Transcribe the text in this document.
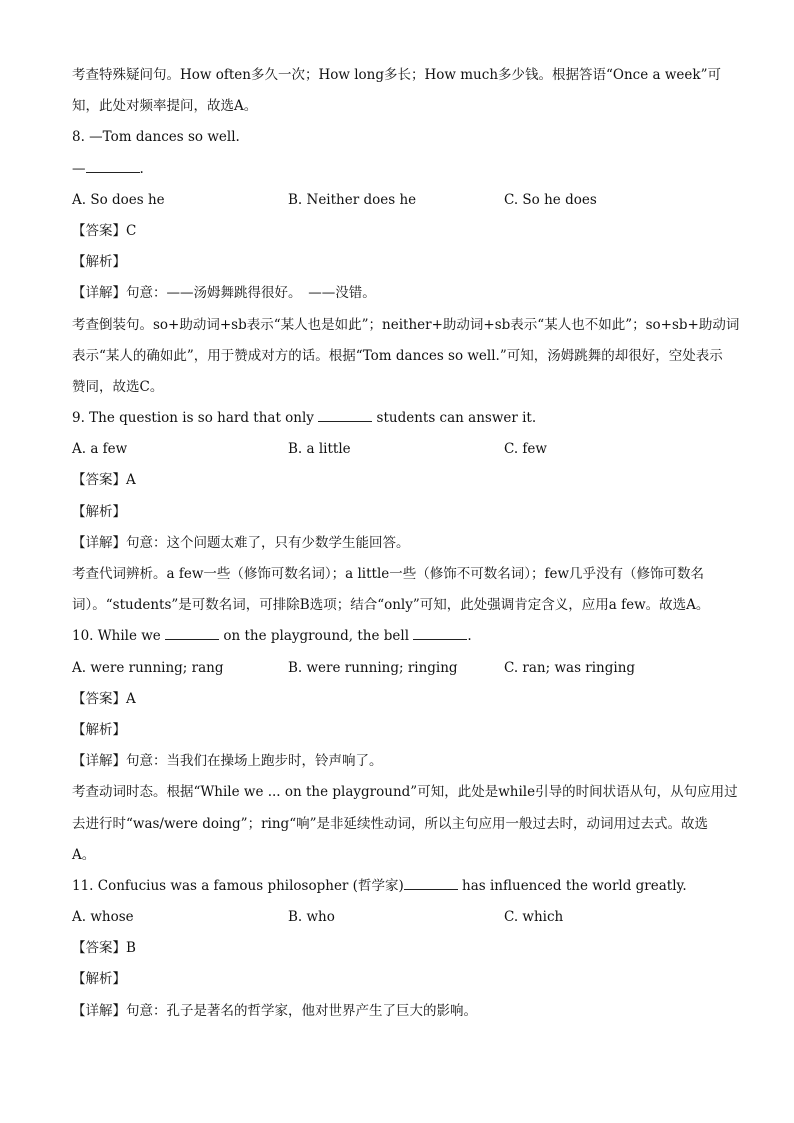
考查特殊疑问句。How often多久一次；How long多长；How much多少钱。根据答语“Once a week”可
知，此处对频率提问，故选A。
8. —Tom dances so well.
—	.
A. So does he	B. Neither does he	C. So he does
【答案】C
【解析】
【详解】句意：——汤姆舞跳得很好。　——没错。
考查倒装句。so+助动词+sb表示“某人也是如此”；neither+助动词+sb表示“某人也不如此”；so+sb+助动词
表示“某人的确如此”，用于赞成对方的话。根据“Tom dances so well.”可知，汤姆跳舞的却很好，空处表示
赞同，故选C。
9. The question is so hard that only	students can answer it.
A. a few	B. a little	C. few
【答案】A
【解析】
【详解】句意：这个问题太难了，只有少数学生能回答。
考查代词辨析。a few一些（修饰可数名词）；a little一些（修饰不可数名词）；few几乎没有（修饰可数名
词）。“students”是可数名词，可排除B选项；结合“only”可知，此处强调肯定含义，应用a few。故选A。
10. While we	on the playground, the bell	.
A. were running; rang	B. were running; ringing	C. ran; was ringing
【答案】A
【解析】
【详解】句意：当我们在操场上跑步时，铃声响了。
考查动词时态。根据“While we ... on the playground”可知，此处是while引导的时间状语从句，从句应用过
去进行时“was/were doing”；ring“响”是非延续性动词，所以主句应用一般过去时，动词用过去式。故选
A。
11. Confucius was a famous philosopher (哲学家)	has influenced the world greatly.
A. whose	B. who	C. which
【答案】B
【解析】
【详解】句意：孔子是著名的哲学家，他对世界产生了巨大的影响。
